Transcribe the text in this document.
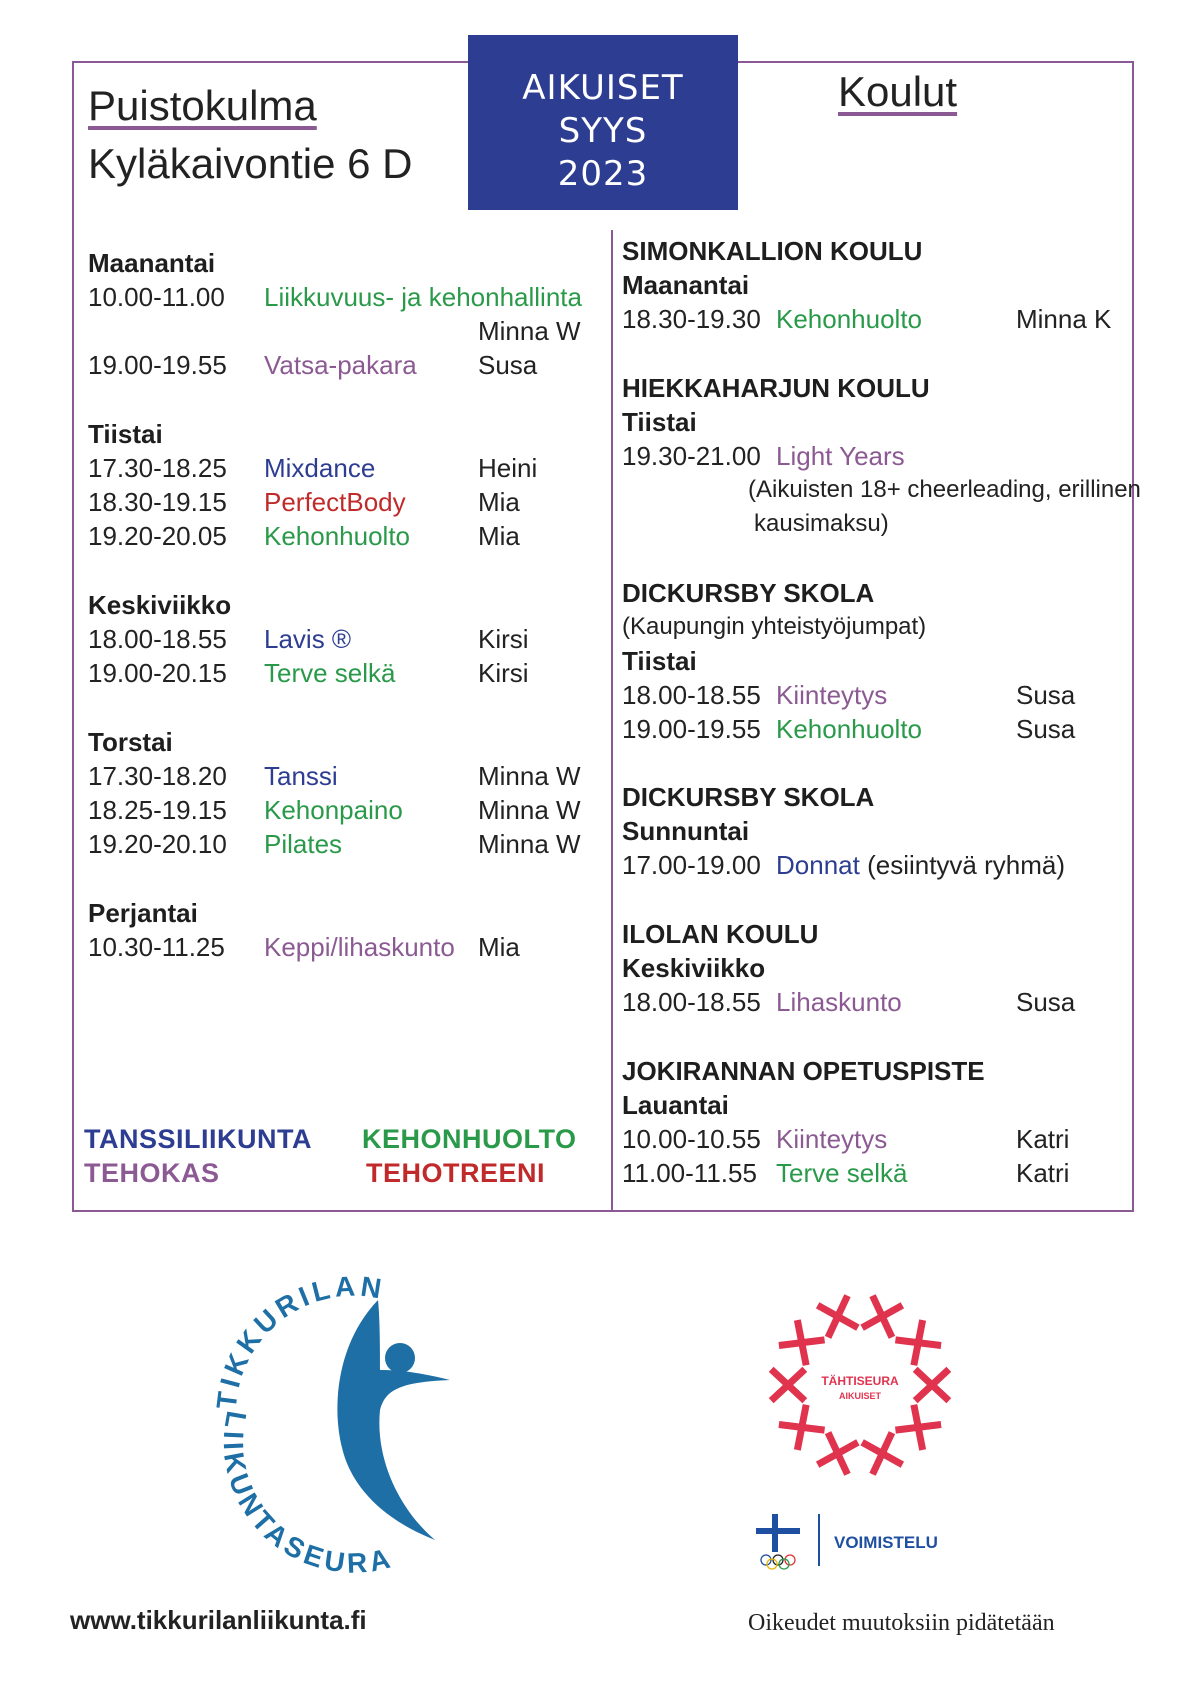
AIKUISET
SYYS
2023
Puistokulma
Kyläkaivontie 6 D
Koulut
Maanantai
10.00-11.00 Liikkuvuus- ja kehonhallinta
Minna W
19.00-19.55 Vatsa-pakara Susa
Tiistai
17.30-18.25 Mixdance	Heini
18.30-19.15 PerfectBody	Mia
19.20-20.05 Kehonhuolto	Mia
Keskiviikko
18.00-18.55 Lavis ®	Kirsi
19.00-20.15 Terve selkä	Kirsi
Torstai
17.30-18.20 Tanssi	Minna W
18.25-19.15 Kehonpaino	Minna W
19.20-20.10 Pilates	Minna W
Perjantai
10.30-11.25 Keppi/lihaskunto Mia
SIMONKALLION KOULU
Maanantai
18.30-19.30 Kehonhuolto	Minna K
HIEKKAHARJUN KOULU
Tiistai
19.30-21.00 Light Years
(Aikuisten 18+ cheerleading, erillinen
kausimaksu)
DICKURSBY SKOLA
(Kaupungin yhteistyöjumpat)
Tiistai
18.00-18.55 Kiinteytys	Susa
19.00-19.55 Kehonhuolto	Susa
DICKURSBY SKOLA
Sunnuntai
17.00-19.00 Donnat (esiintyvä ryhmä)
ILOLAN KOULU
Keskiviikko
18.00-18.55 Lihaskunto	Susa
JOKIRANNAN OPETUSPISTE
Lauantai
10.00-10.55 Kiinteytys	Katri
11.00-11.55 Terve selkä	Katri
TANSSILIIKUNTA KEHONHUOLTO
TEHOKAS	TEHOTREENI
TIKKURILAN
LIIKUNTASEURA
TÄHTISEURA
AIKUISET
VOIMISTELU
www.tikkurilanliikunta.fi	Oikeudet muutoksiin pidätetään
